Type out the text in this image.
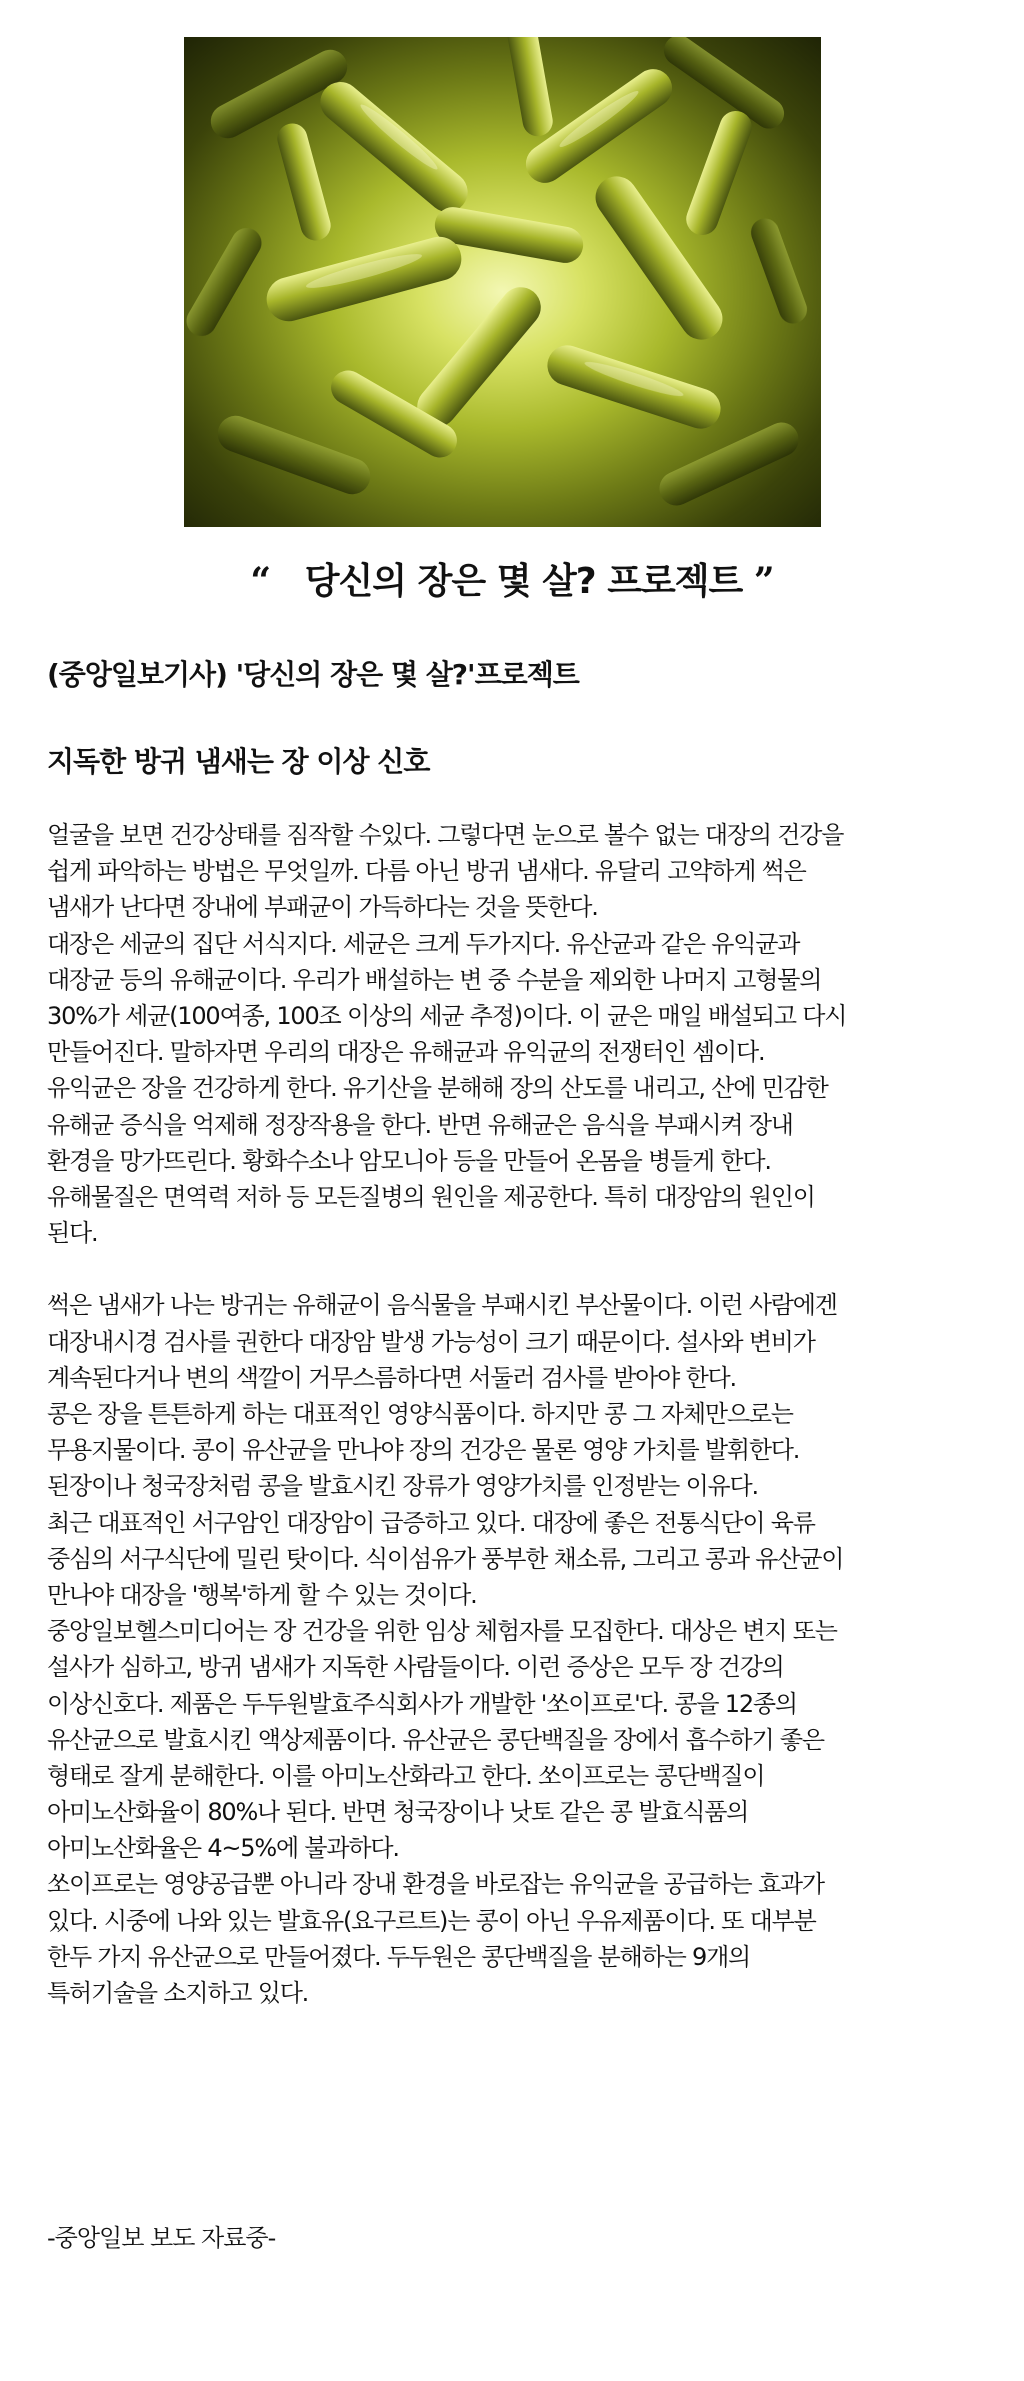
“ 당신의 장은 몇 살? 프로젝트 ”
(중앙일보기사) '당신의 장은 몇 살?'프로젝트
지독한 방귀 냄새는 장 이상 신호
얼굴을 보면 건강상태를 짐작할 수있다. 그렇다면 눈으로 볼수 없는 대장의 건강을
쉽게 파악하는 방법은 무엇일까. 다름 아닌 방귀 냄새다. 유달리 고약하게 썩은
냄새가 난다면 장내에 부패균이 가득하다는 것을 뜻한다.
대장은 세균의 집단 서식지다. 세균은 크게 두가지다. 유산균과 같은 유익균과
대장균 등의 유해균이다. 우리가 배설하는 변 중 수분을 제외한 나머지 고형물의
30%가 세균(100여종, 100조 이상의 세균 추정)이다. 이 균은 매일 배설되고 다시
만들어진다. 말하자면 우리의 대장은 유해균과 유익균의 전쟁터인 셈이다.
유익균은 장을 건강하게 한다. 유기산을 분해해 장의 산도를 내리고, 산에 민감한
유해균 증식을 억제해 정장작용을 한다. 반면 유해균은 음식을 부패시켜 장내
환경을 망가뜨린다. 황화수소나 암모니아 등을 만들어 온몸을 병들게 한다.
유해물질은 면역력 저하 등 모든질병의 원인을 제공한다. 특히 대장암의 원인이
된다.
썩은 냄새가 나는 방귀는 유해균이 음식물을 부패시킨 부산물이다. 이런 사람에겐
대장내시경 검사를 권한다 대장암 발생 가능성이 크기 때문이다. 설사와 변비가
계속된다거나 변의 색깔이 거무스름하다면 서둘러 검사를 받아야 한다.
콩은 장을 튼튼하게 하는 대표적인 영양식품이다. 하지만 콩 그 자체만으로는
무용지물이다. 콩이 유산균을 만나야 장의 건강은 물론 영양 가치를 발휘한다.
된장이나 청국장처럼 콩을 발효시킨 장류가 영양가치를 인정받는 이유다.
최근 대표적인 서구암인 대장암이 급증하고 있다. 대장에 좋은 전통식단이 육류
중심의 서구식단에 밀린 탓이다. 식이섬유가 풍부한 채소류, 그리고 콩과 유산균이
만나야 대장을 '행복'하게 할 수 있는 것이다.
중앙일보헬스미디어는 장 건강을 위한 임상 체험자를 모집한다. 대상은 변지 또는
설사가 심하고, 방귀 냄새가 지독한 사람들이다. 이런 증상은 모두 장 건강의
이상신호다. 제품은 두두원발효주식회사가 개발한 '쏘이프로'다. 콩을 12종의
유산균으로 발효시킨 액상제품이다. 유산균은 콩단백질을 장에서 흡수하기 좋은
형태로 잘게 분해한다. 이를 아미노산화라고 한다. 쏘이프로는 콩단백질이
아미노산화율이 80%나 된다. 반면 청국장이나 낫토 같은 콩 발효식품의
아미노산화율은 4~5%에 불과하다.
쏘이프로는 영양공급뿐 아니라 장내 환경을 바로잡는 유익균을 공급하는 효과가
있다. 시중에 나와 있는 발효유(요구르트)는 콩이 아닌 우유제품이다. 또 대부분
한두 가지 유산균으로 만들어졌다. 두두원은 콩단백질을 분해하는 9개의
특허기술을 소지하고 있다.
-중앙일보 보도 자료중-
